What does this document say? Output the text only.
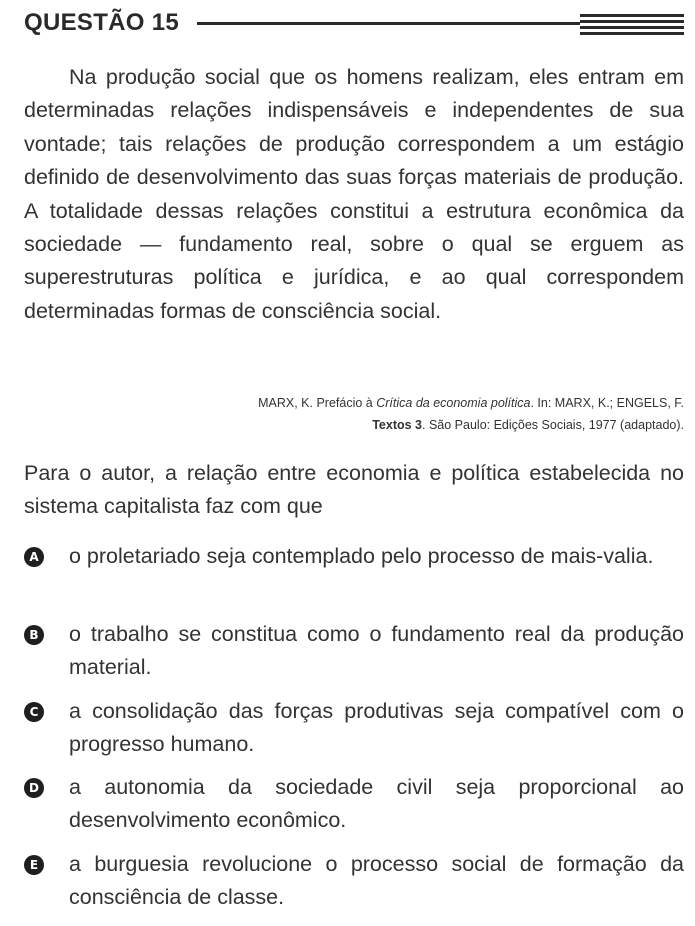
QUESTÃO 15
Na produção social que os homens realizam, eles entram em determinadas relações indispensáveis e independentes de sua vontade; tais relações de produção correspondem a um estágio definido de desenvolvimento das suas forças materiais de produção. A totalidade dessas relações constitui a estrutura econômica da sociedade — fundamento real, sobre o qual se erguem as superestruturas política e jurídica, e ao qual correspondem determinadas formas de consciência social.
MARX, K. Prefácio à Crítica da economia política. In: MARX, K.; ENGELS, F.
Textos 3. São Paulo: Edições Sociais, 1977 (adaptado).
Para o autor, a relação entre economia e política estabelecida no sistema capitalista faz com que
A o proletariado seja contemplado pelo processo de mais-valia.
B o trabalho se constitua como o fundamento real da produção material.
C a consolidação das forças produtivas seja compatível com o progresso humano.
D a autonomia da sociedade civil seja proporcional ao desenvolvimento econômico.
E a burguesia revolucione o processo social de formação da consciência de classe.
